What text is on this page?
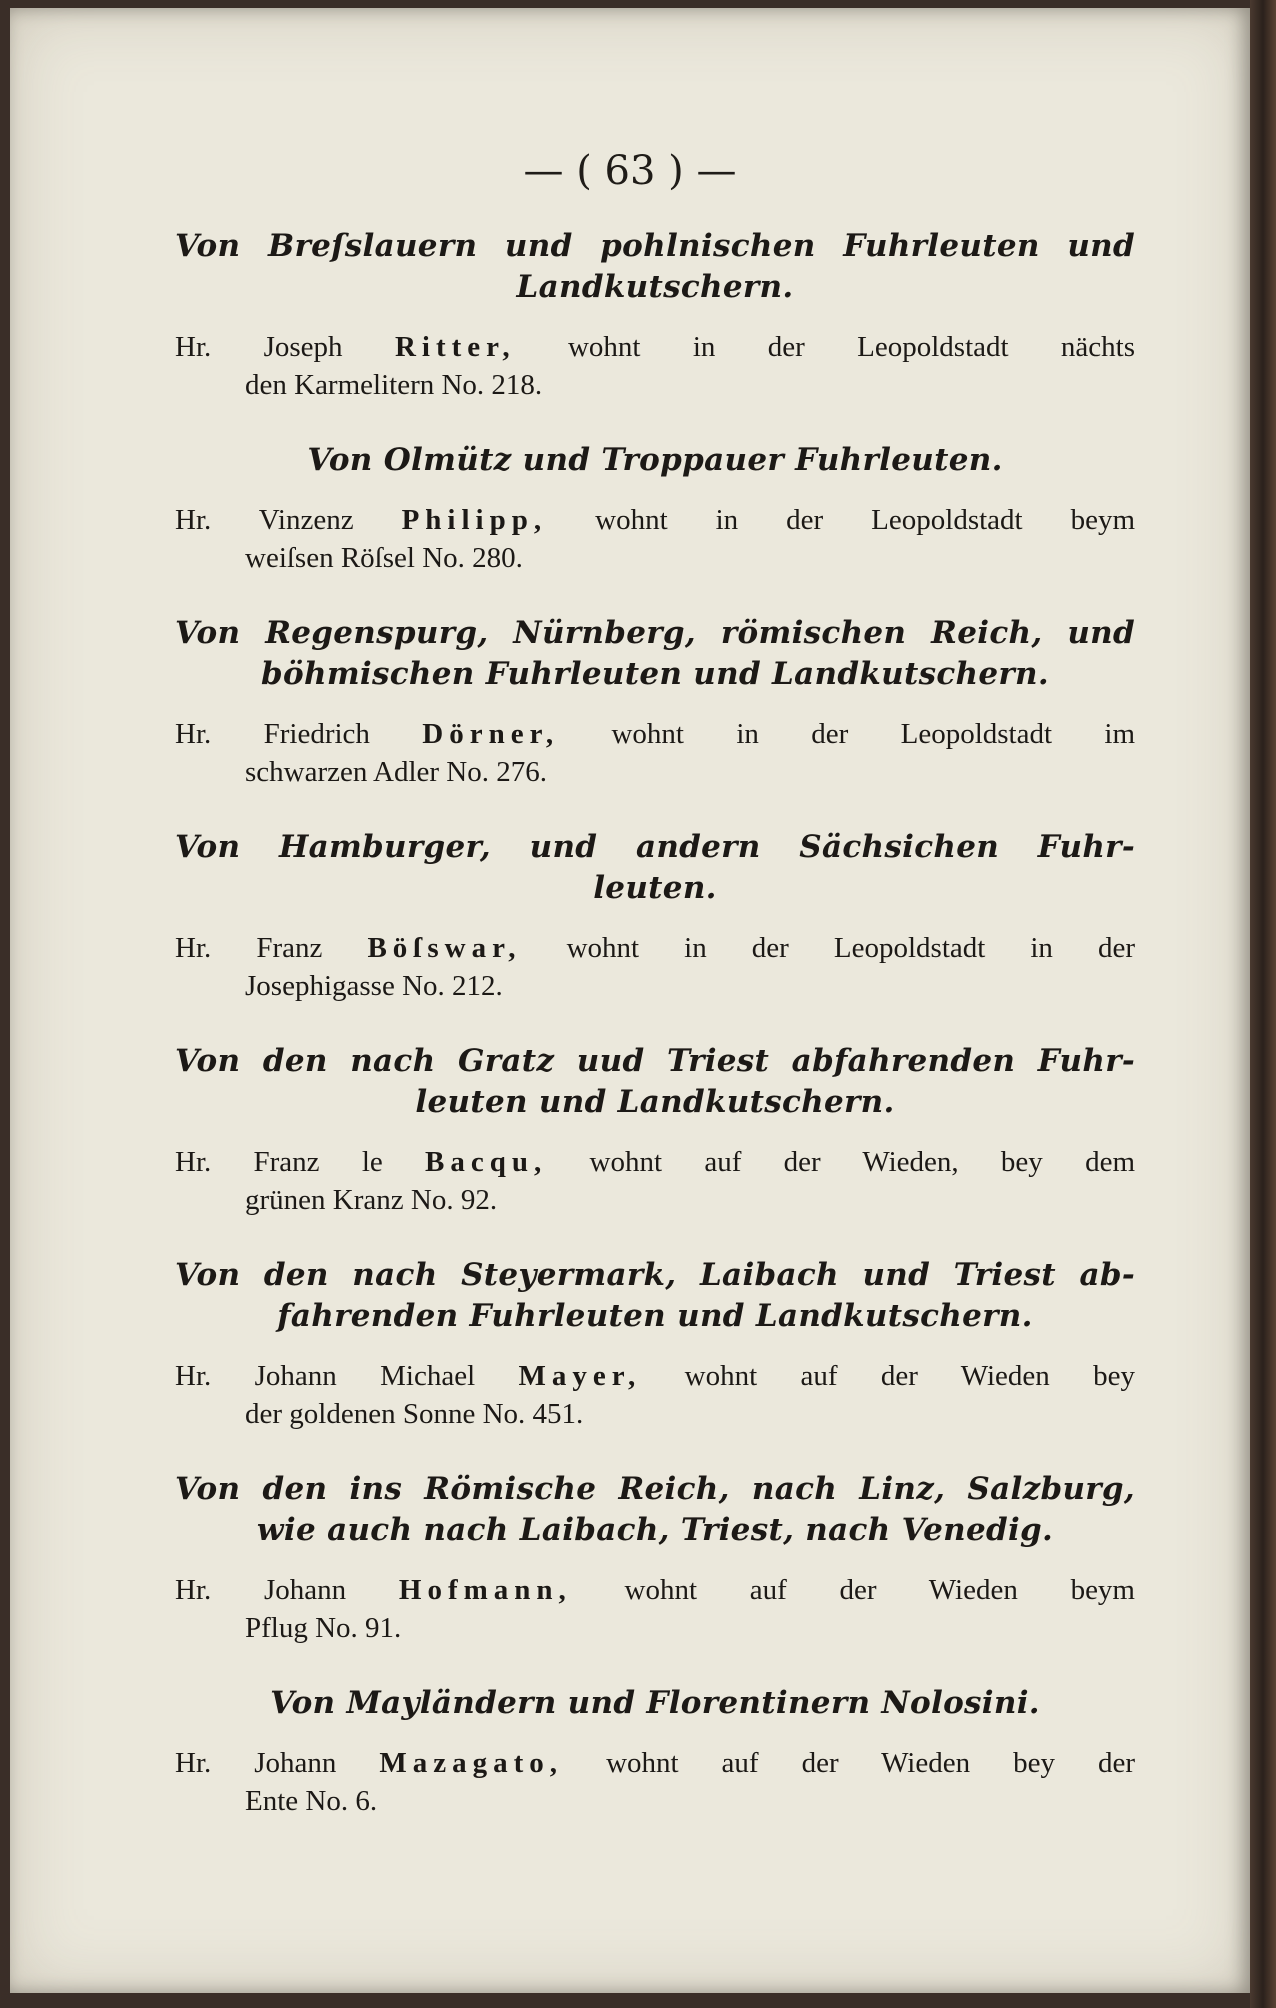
— ( 63 ) —
Von Breſslauern und pohlnischen Fuhrleuten und
Landkutschern.
Hr. Joseph Ritter, wohnt in der Leopoldstadt nächts
den Karmelitern No. 218.
Von Olmütz und Troppauer Fuhrleuten.
Hr. Vinzenz Philipp, wohnt in der Leopoldstadt beym
weiſsen Röſsel No. 280.
Von Regenspurg, Nürnberg, römischen Reich, und
böhmischen Fuhrleuten und Landkutschern.
Hr. Friedrich Dörner, wohnt in der Leopoldstadt im
schwarzen Adler No. 276.
Von Hamburger, und andern Sächsichen Fuhr-
leuten.
Hr. Franz Böſswar, wohnt in der Leopoldstadt in der
Josephigasse No. 212.
Von den nach Gratz uud Triest abfahrenden Fuhr-
leuten und Landkutschern.
Hr. Franz le Bacqu, wohnt auf der Wieden, bey dem
grünen Kranz No. 92.
Von den nach Steyermark, Laibach und Triest ab-
fahrenden Fuhrleuten und Landkutschern.
Hr. Johann Michael Mayer, wohnt auf der Wieden bey
der goldenen Sonne No. 451.
Von den ins Römische Reich, nach Linz, Salzburg,
wie auch nach Laibach, Triest, nach Venedig.
Hr. Johann Hofmann, wohnt auf der Wieden beym
Pflug No. 91.
Von Mayländern und Florentinern Nolosini.
Hr. Johann Mazagato, wohnt auf der Wieden bey der
Ente No. 6.
